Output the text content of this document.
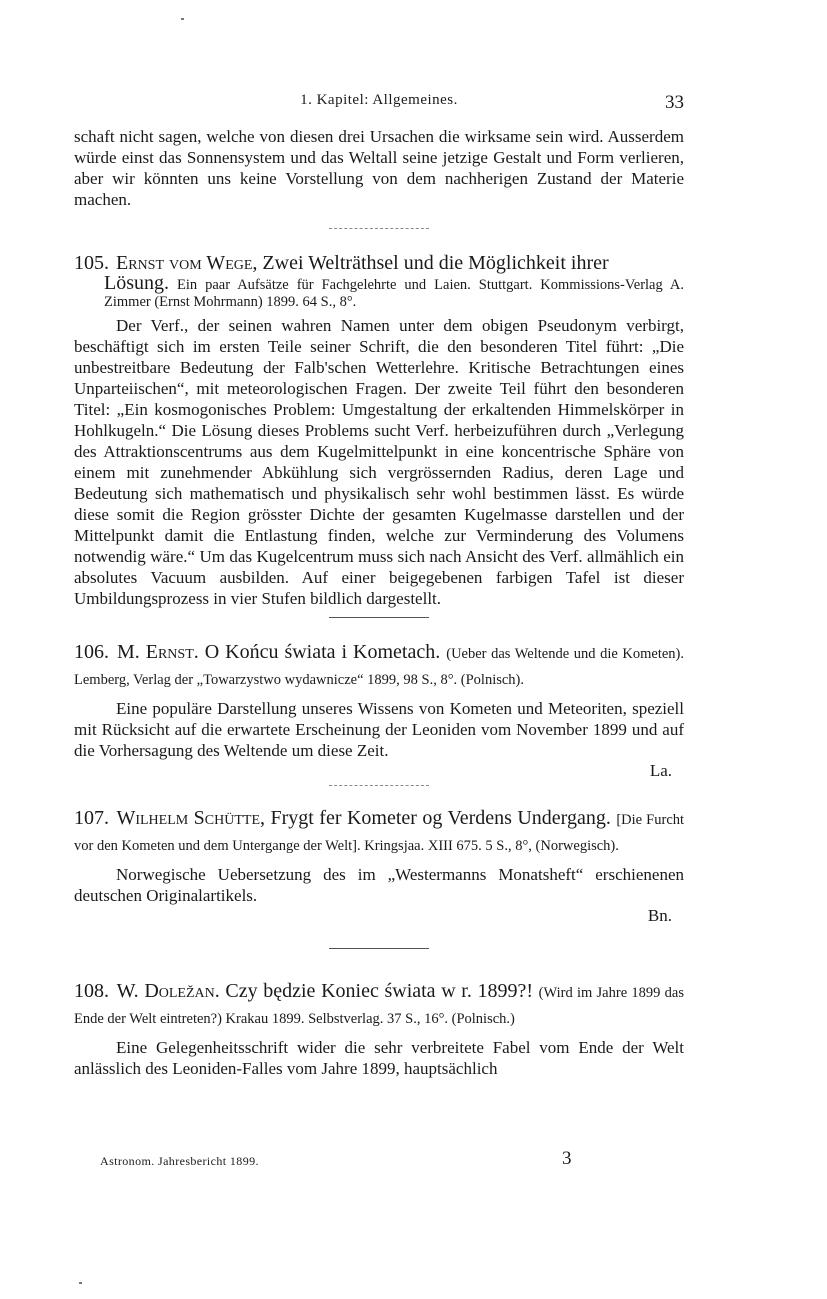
1. Kapitel: Allgemeines.	33

schaft nicht sagen, welche von diesen drei Ursachen die wirksame sein wird. Ausserdem würde einst das Sonnensystem und das Weltall seine jetzige Gestalt und Form verlieren, aber wir könnten uns keine Vorstellung von dem nachherigen Zustand der Materie machen.

105. Ernst vom Wege, Zwei Welträthsel und die Möglichkeit ihrer

Lösung. Ein paar Aufsätze für Fachgelehrte und Laien. Stuttgart. Kommissions-Verlag A. Zimmer (Ernst Mohrmann) 1899. 64 S., 8°.

Der Verf., der seinen wahren Namen unter dem obigen Pseudonym verbirgt, beschäftigt sich im ersten Teile seiner Schrift, die den besonderen Titel führt: „Die unbestreitbare Bedeutung der Falb'schen Wetterlehre. Kritische Betrachtungen eines Unparteiischen“, mit meteorologischen Fragen. Der zweite Teil führt den besonderen Titel: „Ein kosmogonisches Problem: Umgestaltung der erkaltenden Himmelskörper in Hohlkugeln.“ Die Lösung dieses Problems sucht Verf. herbeizuführen durch „Verlegung des Attraktionscentrums aus dem Kugelmittelpunkt in eine koncentrische Sphäre von einem mit zunehmender Abkühlung sich vergrössernden Radius, deren Lage und Bedeutung sich mathematisch und physikalisch sehr wohl bestimmen lässt. Es würde diese somit die Region grösster Dichte der gesamten Kugelmasse darstellen und der Mittelpunkt damit die Entlastung finden, welche zur Verminderung des Volumens notwendig wäre.“ Um das Kugelcentrum muss sich nach Ansicht des Verf. allmählich ein absolutes Vacuum ausbilden. Auf einer beigegebenen farbigen Tafel ist dieser Umbildungsprozess in vier Stufen bildlich dargestellt.

106. M. Ernst. O Końcu świata i Kometach. (Ueber das Weltende und die Kometen). Lemberg, Verlag der „Towarzystwo wydawnicze“ 1899, 98 S., 8°. (Polnisch).

Eine populäre Darstellung unseres Wissens von Kometen und Meteoriten, speziell mit Rücksicht auf die erwartete Erscheinung der Leoniden vom November 1899 und auf die Vorhersagung des Weltende um diese Zeit.

La.

107. Wilhelm Schütte, Frygt fer Kometer og Verdens Undergang. [Die Furcht vor den Kometen und dem Untergange der Welt]. Kringsjaa. XIII 675. 5 S., 8°, (Norwegisch).

Norwegische Uebersetzung des im „Westermanns Monatsheft“ erschienenen deutschen Originalartikels.

Bn.

108. W. Doležan. Czy będzie Koniec świata w r. 1899?! (Wird im Jahre 1899 das Ende der Welt eintreten?) Krakau 1899. Selbstverlag. 37 S., 16°. (Polnisch.)

Eine Gelegenheitsschrift wider die sehr verbreitete Fabel vom Ende der Welt anlässlich des Leoniden-Falles vom Jahre 1899, hauptsächlich

Astronom. Jahresbericht 1899.	3
